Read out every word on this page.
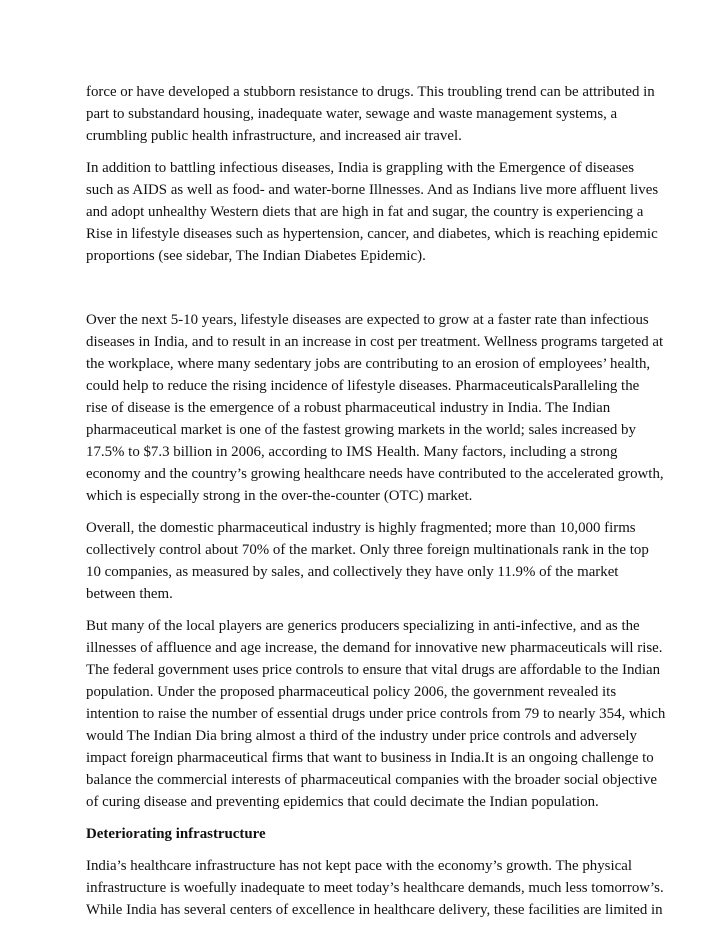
force or have developed a stubborn resistance to drugs. This troubling trend can be attributed in
part to substandard housing, inadequate water, sewage and waste management systems, a
crumbling public health infrastructure, and increased air travel.

In addition to battling infectious diseases, India is grappling with the Emergence of diseases
such as AIDS as well as food- and water-borne Illnesses. And as Indians live more affluent lives
and adopt unhealthy Western diets that are high in fat and sugar, the country is experiencing a
Rise in lifestyle diseases such as hypertension, cancer, and diabetes, which is reaching epidemic
proportions (see sidebar, The Indian Diabetes Epidemic).

Over the next 5-10 years, lifestyle diseases are expected to grow at a faster rate than infectious
diseases in India, and to result in an increase in cost per treatment. Wellness programs targeted at
the workplace, where many sedentary jobs are contributing to an erosion of employees’ health,
could help to reduce the rising incidence of lifestyle diseases. PharmaceuticalsParalleling the
rise of disease is the emergence of a robust pharmaceutical industry in India. The Indian
pharmaceutical market is one of the fastest growing markets in the world; sales increased by
17.5% to $7.3 billion in 2006, according to IMS Health. Many factors, including a strong
economy and the country’s growing healthcare needs have contributed to the accelerated growth,
which is especially strong in the over-the-counter (OTC) market.

Overall, the domestic pharmaceutical industry is highly fragmented; more than 10,000 firms
collectively control about 70% of the market. Only three foreign multinationals rank in the top
10 companies, as measured by sales, and collectively they have only 11.9% of the market
between them.

But many of the local players are generics producers specializing in anti-infective, and as the
illnesses of affluence and age increase, the demand for innovative new pharmaceuticals will rise.
The federal government uses price controls to ensure that vital drugs are affordable to the Indian
population. Under the proposed pharmaceutical policy 2006, the government revealed its
intention to raise the number of essential drugs under price controls from 79 to nearly 354, which
would The Indian Dia bring almost a third of the industry under price controls and adversely
impact foreign pharmaceutical firms that want to business in India.It is an ongoing challenge to
balance the commercial interests of pharmaceutical companies with the broader social objective
of curing disease and preventing epidemics that could decimate the Indian population.

Deteriorating infrastructure

India’s healthcare infrastructure has not kept pace with the economy’s growth. The physical
infrastructure is woefully inadequate to meet today’s healthcare demands, much less tomorrow’s.
While India has several centers of excellence in healthcare delivery, these facilities are limited in
